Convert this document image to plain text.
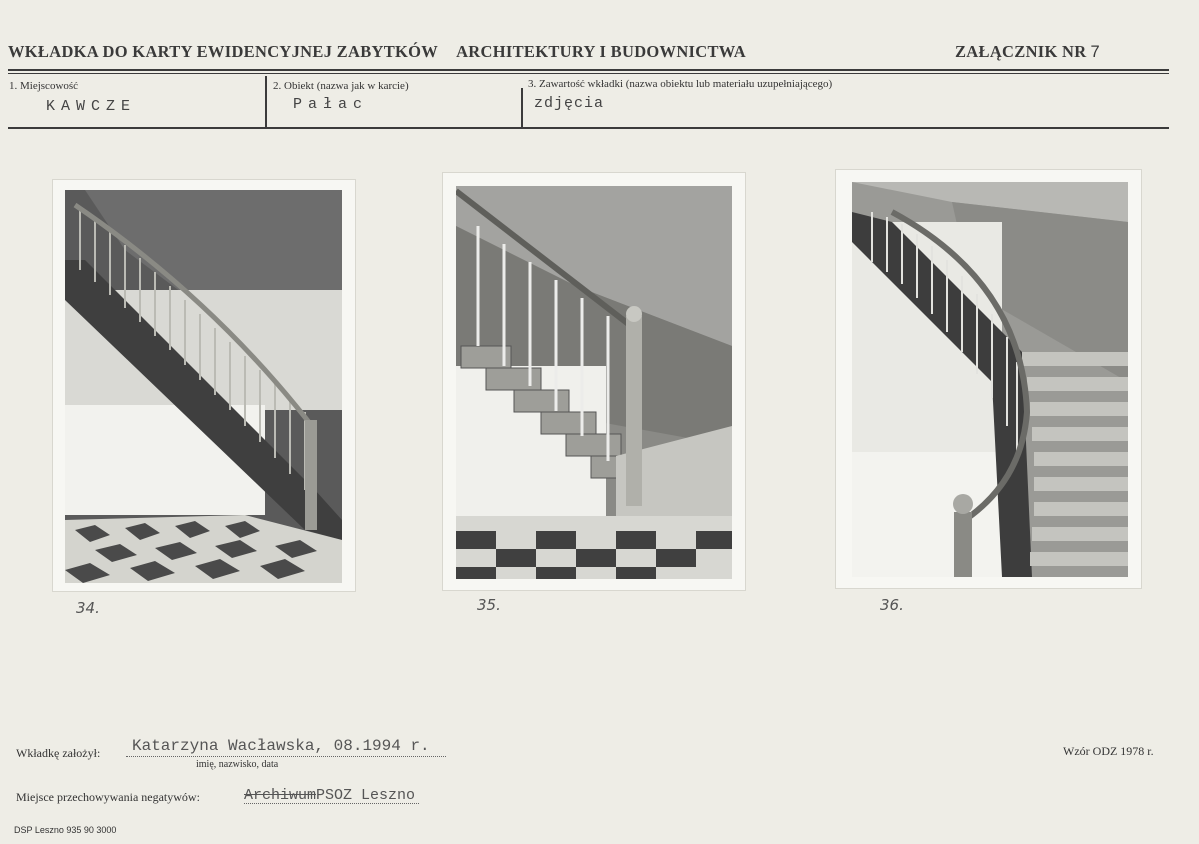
WKŁADKA DO KARTY EWIDENCYJNEJ ZABYTKÓW ARCHITEKTURY I BUDOWNICTWA	ZAŁĄCZNIK NR 7
1. Miejscowość
KAWCZE
2. Obiekt (nazwa jak w karcie)
Pałac
3. Zawartość wkładki (nazwa obiektu lub materiału uzupełniającego)
zdjęcia
34.	35.	36.
Wkładkę założył: Katarzyna Wacławska, 08.1994 r.
imię, nazwisko, data
Wzór ODZ 1978 r.
Miejsce przechowywania negatywów:	ArchiwumPSOZ Leszno
DSP Leszno 935 90 3000
